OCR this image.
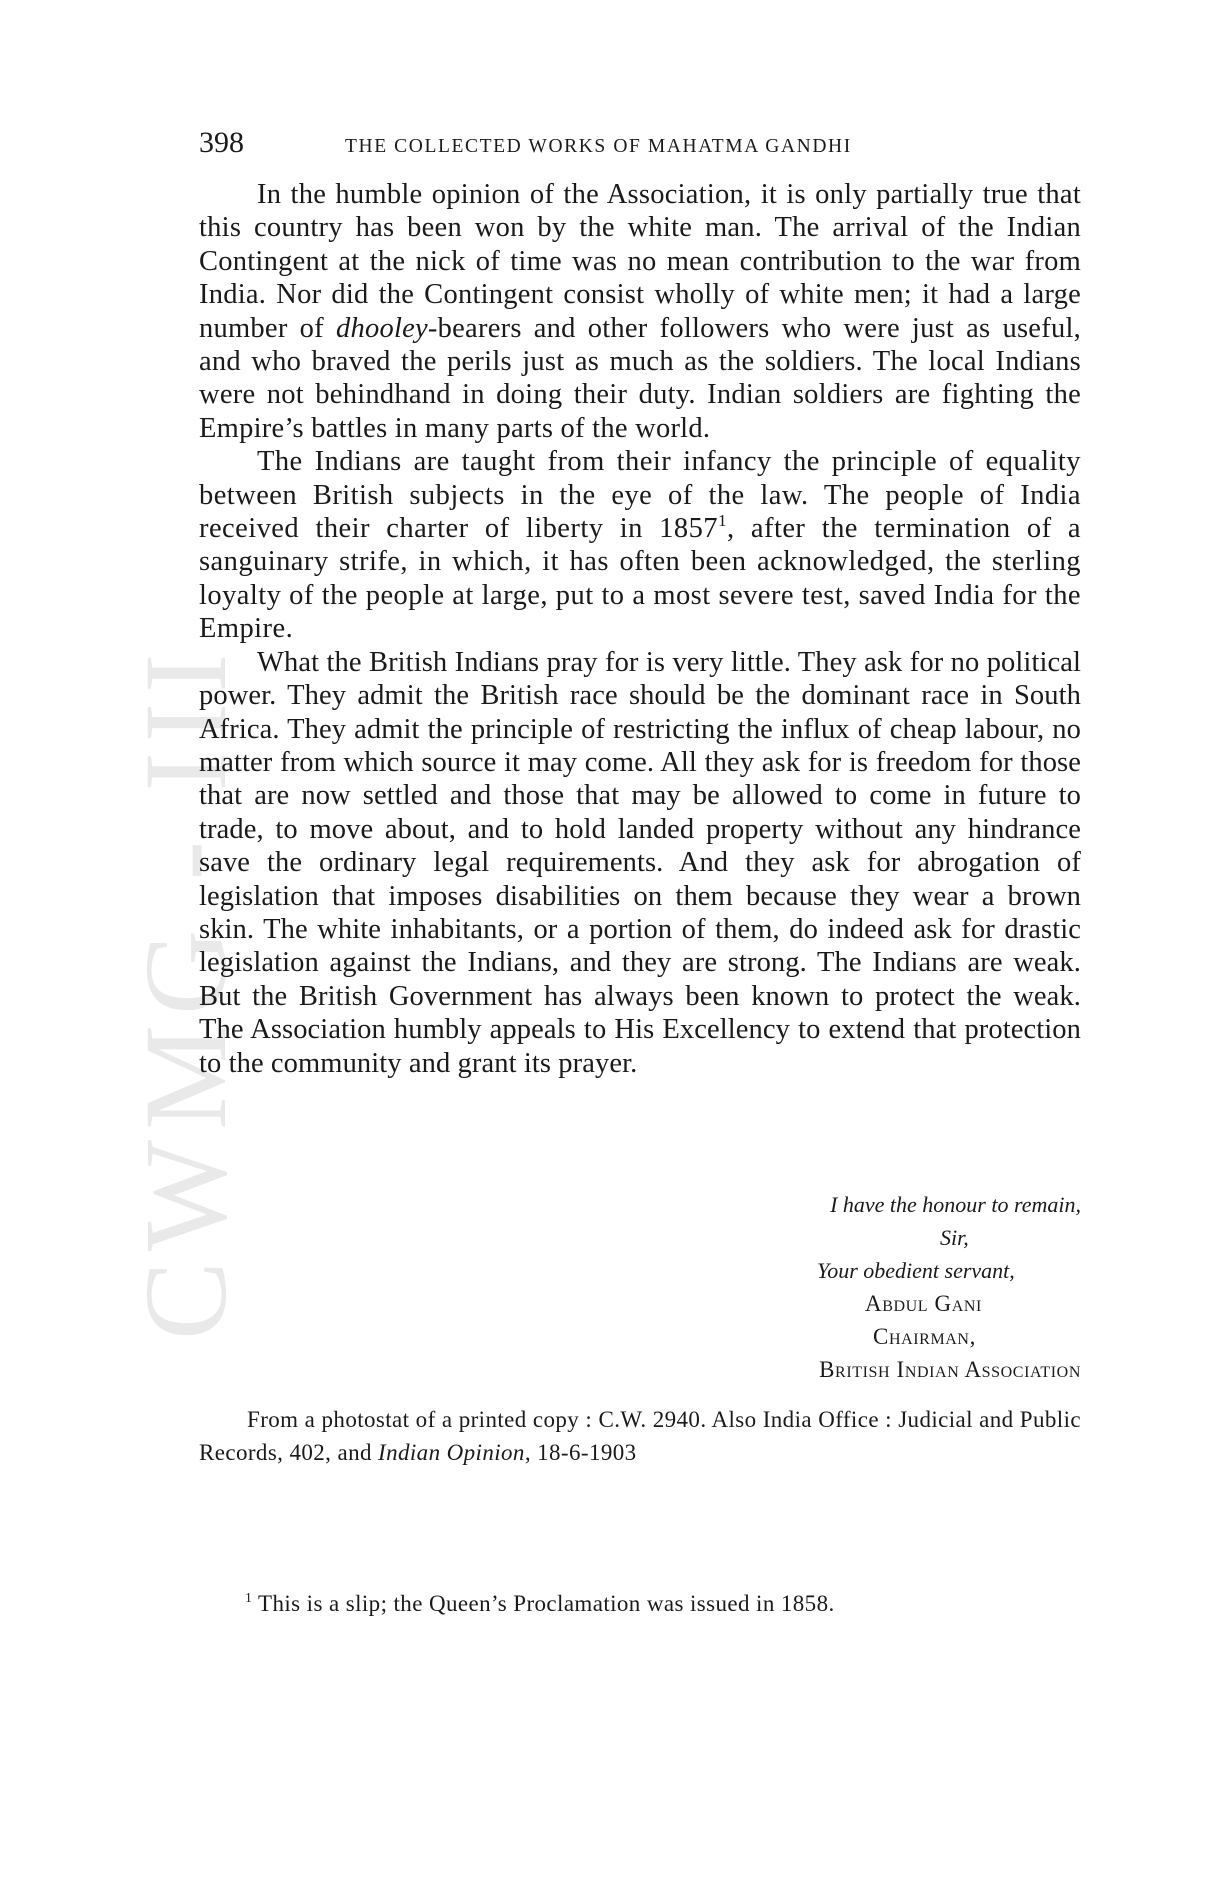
CWMG - III
398	THE COLLECTED WORKS OF MAHATMA GANDHI

In the humble opinion of the Association, it is only partially true that this country has been won by the white man. The arrival of the Indian Contingent at the nick of time was no mean contribution to the war from India. Nor did the Contingent consist wholly of white men; it had a large number of dhooley-bearers and other followers who were just as useful, and who braved the perils just as much as the soldiers. The local Indians were not behindhand in doing their duty. Indian soldiers are fighting the Empire’s battles in many parts of the world.

The Indians are taught from their infancy the principle of equality between British subjects in the eye of the law. The people of India received their charter of liberty in 1857$^1$, after the termination of a sanguinary strife, in which, it has often been acknowledged, the sterling loyalty of the people at large, put to a most severe test, saved India for the Empire.

What the British Indians pray for is very little. They ask for no political power. They admit the British race should be the dominant race in South Africa. They admit the principle of restricting the influx of cheap labour, no matter from which source it may come. All they ask for is freedom for those that are now settled and those that may be allowed to come in future to trade, to move about, and to hold landed property without any hindrance save the ordinary legal requirements. And they ask for abrogation of legislation that imposes disabilities on them because they wear a brown skin. The white inhabitants, or a portion of them, do indeed ask for drastic legislation against the Indians, and they are strong. The Indians are weak. But the British Government has always been known to protect the weak. The Association humbly appeals to His Excellency to extend that protection to the community and grant its prayer.

I have the honour to remain,
Sir,
Your obedient servant,
Abdul Gani
Chairman,
British Indian Association

From a photostat of a printed copy : C.W. 2940. Also India Office : Judicial and Public Records, 402, and Indian Opinion, 18-6-1903

$^1$ This is a slip; the Queen’s Proclamation was issued in 1858.
